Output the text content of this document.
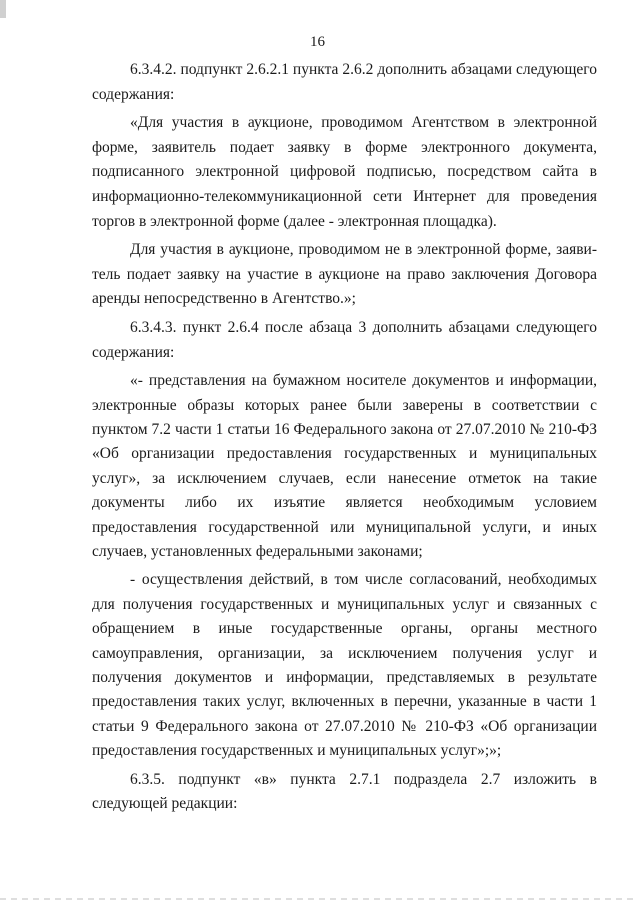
16

6.3.4.2. подпункт 2.6.2.1 пункта 2.6.2 дополнить абзацами следующего содержания:

«Для участия в аукционе, проводимом Агентством в электронной форме, заявитель подает заявку в форме электронного документа, подписанного электронной цифровой подписью, посредством сайта в информационно-телекоммуникационной сети Интернет для проведения торгов в электронной форме (далее - электронная площадка).

Для участия в аукционе, проводимом не в электронной форме, заявитель подает заявку на участие в аукционе на право заключения Договора аренды непосредственно в Агентство.»;

6.3.4.3. пункт 2.6.4 после абзаца 3 дополнить абзацами следующего содержания:

«- представления на бумажном носителе документов и информации, электронные образы которых ранее были заверены в соответствии с пунктом 7.2 части 1 статьи 16 Федерального закона от 27.07.2010 № 210-ФЗ «Об организации предоставления государственных и муниципальных услуг», за исключением случаев, если нанесение отметок на такие документы либо их изъятие является необходимым условием предоставления государственной или муниципальной услуги, и иных случаев, установленных федеральными законами;

- осуществления действий, в том числе согласований, необходимых для получения государственных и муниципальных услуг и связанных с обращением в иные государственные органы, органы местного самоуправления, организации, за исключением получения услуг и получения документов и информации, представляемых в результате предоставления таких услуг, включенных в перечни, указанные в части 1 статьи 9 Федерального закона от 27.07.2010 № 210-ФЗ «Об организации предоставления государственных и муниципальных услуг»;»;

6.3.5. подпункт «в» пункта 2.7.1 подраздела 2.7 изложить в следующей редакции:
